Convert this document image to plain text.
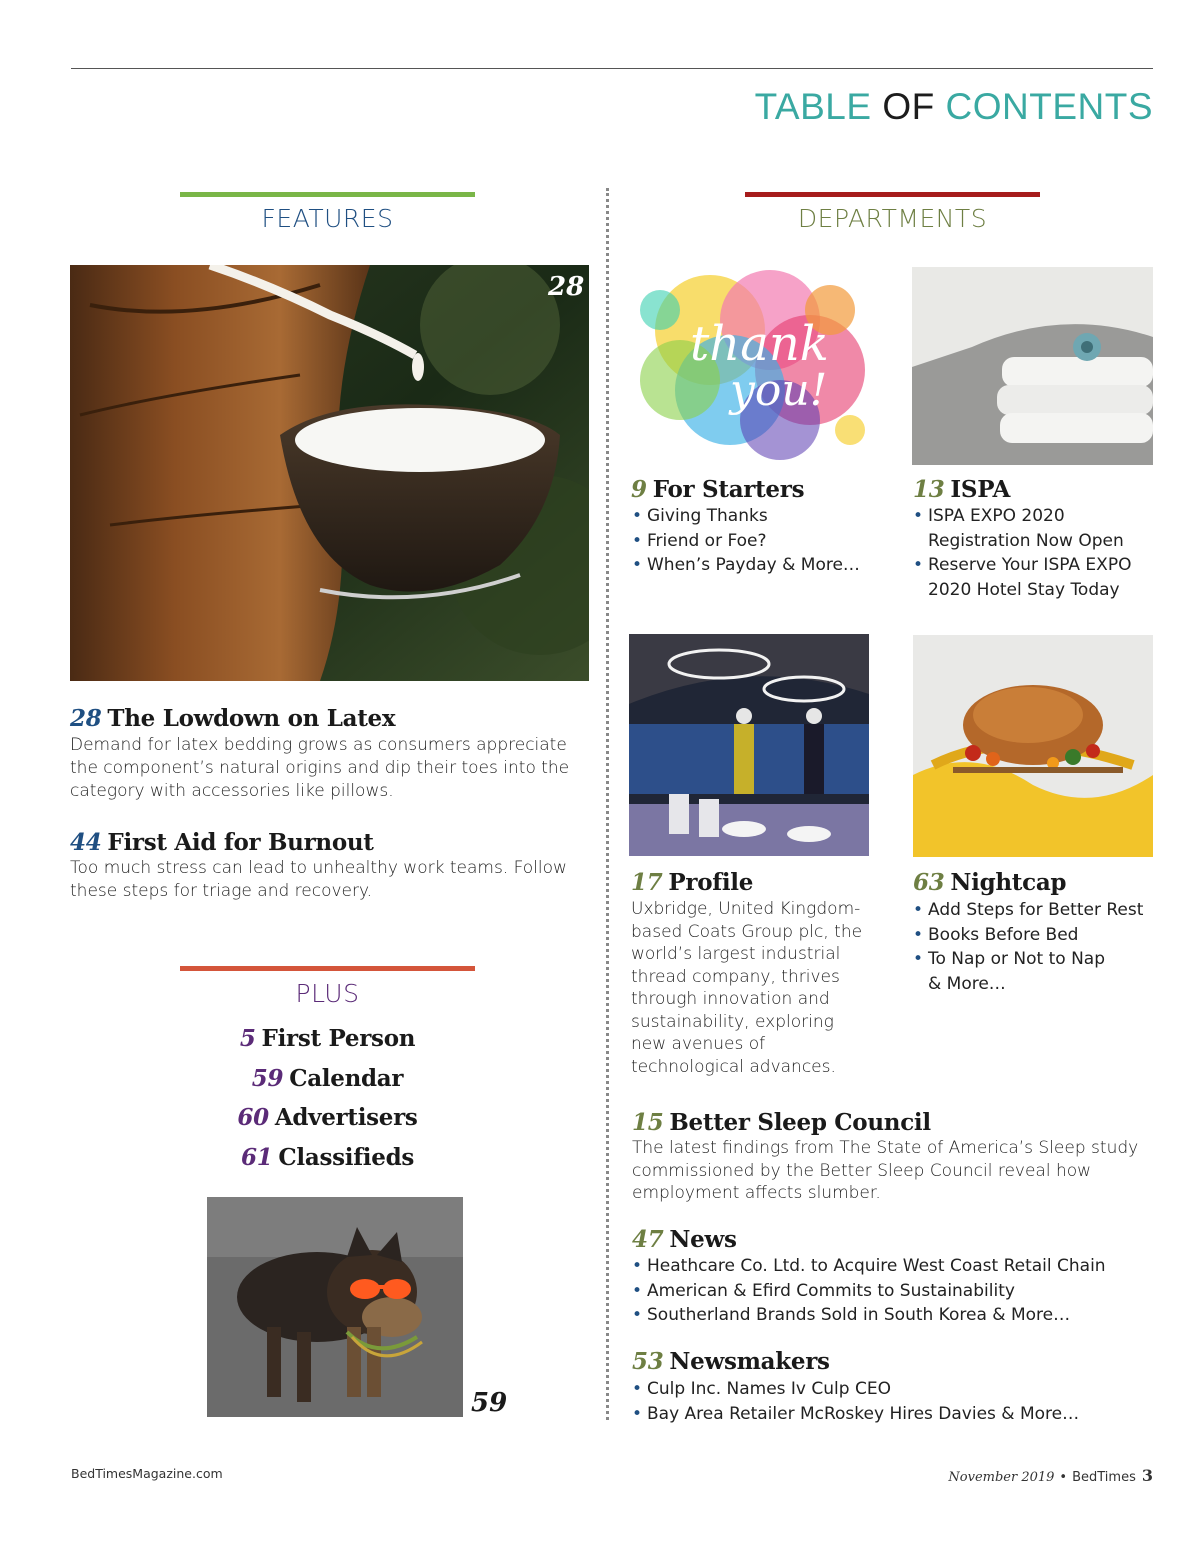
TABLE OF CONTENTS
FEATURES
28
28 The Lowdown on Latex
Demand for latex bedding grows as consumers appreciate the component’s natural origins and dip their toes into the category with accessories like pillows.
44 First Aid for Burnout
Too much stress can lead to unhealthy work teams. Follow these steps for triage and recovery.
PLUS
5 First Person
59 Calendar
60 Advertisers
61 Classifieds
59
DEPARTMENTS
thank
you!
9 For Starters
• Giving Thanks
• Friend or Foe?
• When’s Payday & More…
13 ISPA
• ISPA EXPO 2020 Registration Now Open
• Reserve Your ISPA EXPO 2020 Hotel Stay Today
17 Profile
Uxbridge, United Kingdom-based Coats Group plc, the world’s largest industrial thread company, thrives through innovation and sustainability, exploring new avenues of technological advances.
63 Nightcap
• Add Steps for Better Rest
• Books Before Bed
• To Nap or Not to Nap & More…
15 Better Sleep Council
The latest findings from The State of America’s Sleep study commissioned by the Better Sleep Council reveal how employment affects slumber.
47 News
• Heathcare Co. Ltd. to Acquire West Coast Retail Chain
• American & Efird Commits to Sustainability
• Southerland Brands Sold in South Korea & More…
53 Newsmakers
• Culp Inc. Names Iv Culp CEO
• Bay Area Retailer McRoskey Hires Davies & More…
BedTimesMagazine.com	November 2019 • BedTimes 3
